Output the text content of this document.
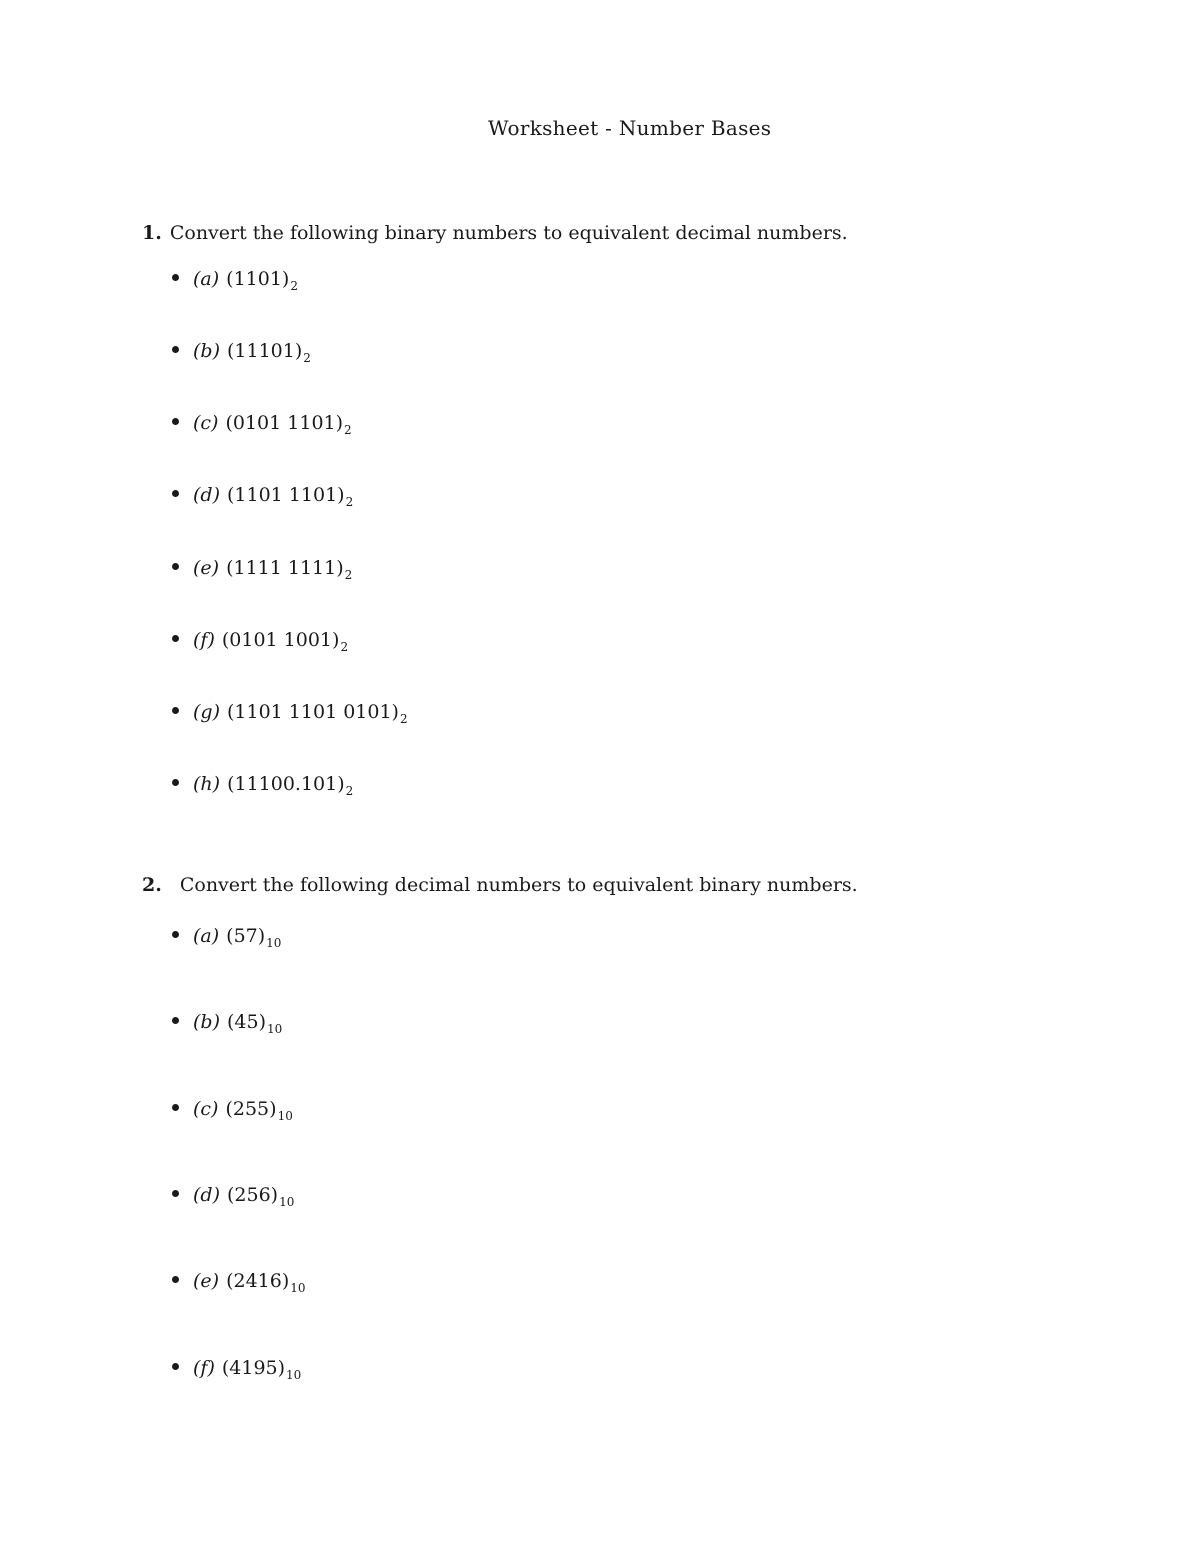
Worksheet - Number Bases
1. Convert the following binary numbers to equivalent decimal numbers.
(a) (1101) 2
(b) (11101) 2
(c) (0101 1101) 2
(d) (1101 1101) 2
(e) (1111 1111) 2
(f) (0101 1001) 2
(g) (1101 1101 0101) 2
(h) (11100.101) 2
2. Convert the following decimal numbers to equivalent binary numbers.
(a) (57) 10
(b) (45) 10
(c) (255) 10
(d) (256) 10
(e) (2416) 10
(f) (4195) 10
